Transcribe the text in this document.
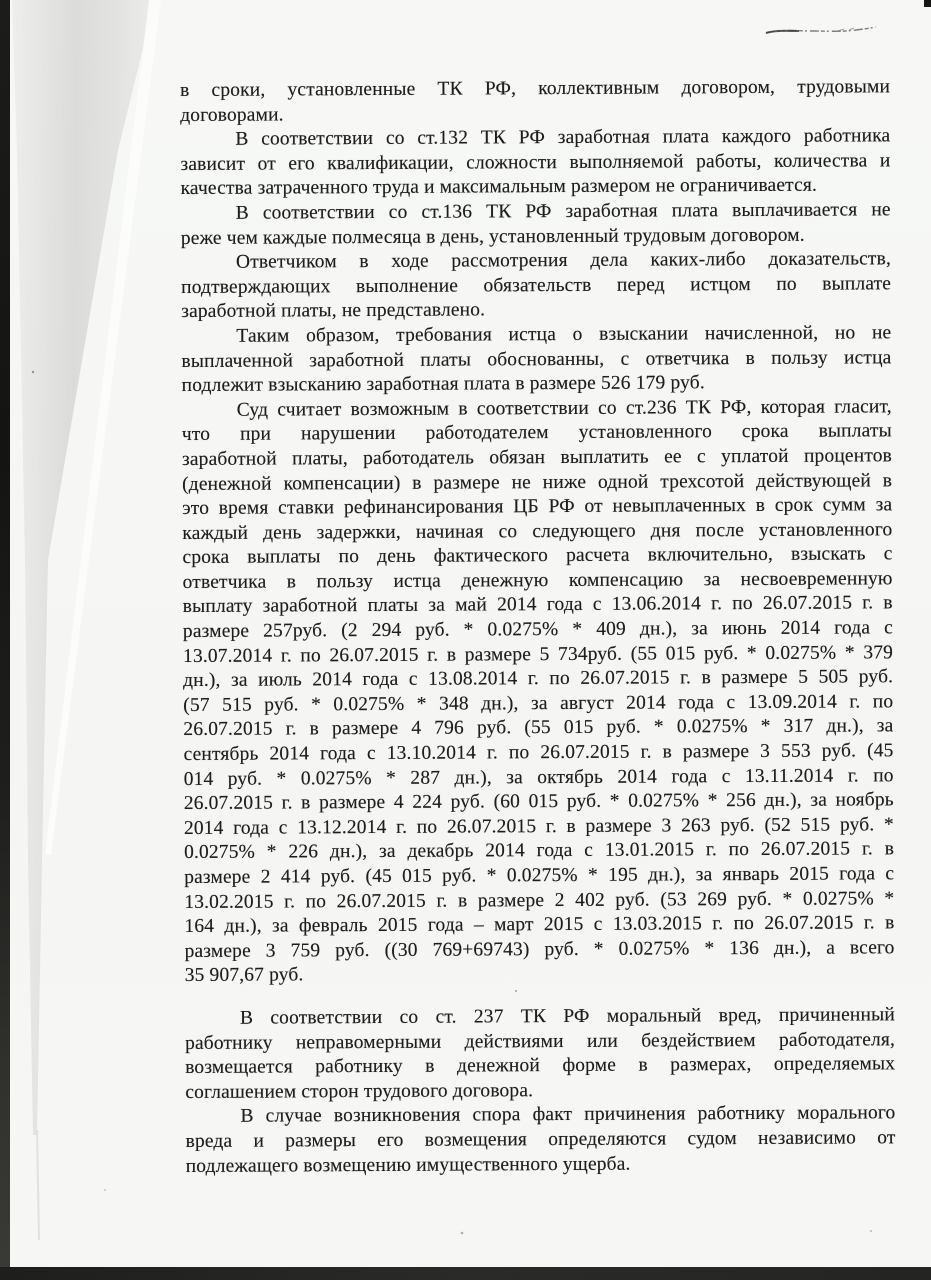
в сроки, установленные ТК РФ, коллективным договором, трудовыми
договорами.
В соответствии со ст.132 ТК РФ заработная плата каждого работника
зависит от его квалификации, сложности выполняемой работы, количества и
качества затраченного труда и максимальным размером не ограничивается.
В соответствии со ст.136 ТК РФ заработная плата выплачивается не
реже чем каждые полмесяца в день, установленный трудовым договором.
Ответчиком в ходе рассмотрения дела каких-либо доказательств,
подтверждающих выполнение обязательств перед истцом по выплате
заработной платы, не представлено.
Таким образом, требования истца о взыскании начисленной, но не
выплаченной заработной платы обоснованны, с ответчика в пользу истца
подлежит взысканию заработная плата в размере 526 179 руб.
Суд считает возможным в соответствии со ст.236 ТК РФ, которая гласит,
что при нарушении работодателем установленного срока выплаты
заработной платы, работодатель обязан выплатить ее с уплатой процентов
(денежной компенсации) в размере не ниже одной трехсотой действующей в
это время ставки рефинансирования ЦБ РФ от невыплаченных в срок сумм за
каждый день задержки, начиная со следующего дня после установленного
срока выплаты по день фактического расчета включительно, взыскать с
ответчика в пользу истца денежную компенсацию за несвоевременную
выплату заработной платы за май 2014 года с 13.06.2014 г. по 26.07.2015 г. в
размере 257руб. (2 294 руб. * 0.0275% * 409 дн.), за июнь 2014 года с
13.07.2014 г. по 26.07.2015 г. в размере 5 734руб. (55 015 руб. * 0.0275% * 379
дн.), за июль 2014 года с 13.08.2014 г. по 26.07.2015 г. в размере 5 505 руб.
(57 515 руб. * 0.0275% * 348 дн.), за август 2014 года с 13.09.2014 г. по
26.07.2015 г. в размере 4 796 руб. (55 015 руб. * 0.0275% * 317 дн.), за
сентябрь 2014 года с 13.10.2014 г. по 26.07.2015 г. в размере 3 553 руб. (45
014 руб. * 0.0275% * 287 дн.), за октябрь 2014 года с 13.11.2014 г. по
26.07.2015 г. в размере 4 224 руб. (60 015 руб. * 0.0275% * 256 дн.), за ноябрь
2014 года с 13.12.2014 г. по 26.07.2015 г. в размере 3 263 руб. (52 515 руб. *
0.0275% * 226 дн.), за декабрь 2014 года с 13.01.2015 г. по 26.07.2015 г. в
размере 2 414 руб. (45 015 руб. * 0.0275% * 195 дн.), за январь 2015 года с
13.02.2015 г. по 26.07.2015 г. в размере 2 402 руб. (53 269 руб. * 0.0275% *
164 дн.), за февраль 2015 года – март 2015 с 13.03.2015 г. по 26.07.2015 г. в
размере 3 759 руб. ((30 769+69743) руб. * 0.0275% * 136 дн.), а всего
35 907,67 руб.
В соответствии со ст. 237 ТК РФ моральный вред, причиненный
работнику неправомерными действиями или бездействием работодателя,
возмещается работнику в денежной форме в размерах, определяемых
соглашением сторон трудового договора.
В случае возникновения спора факт причинения работнику морального
вреда и размеры его возмещения определяются судом независимо от
подлежащего возмещению имущественного ущерба.
